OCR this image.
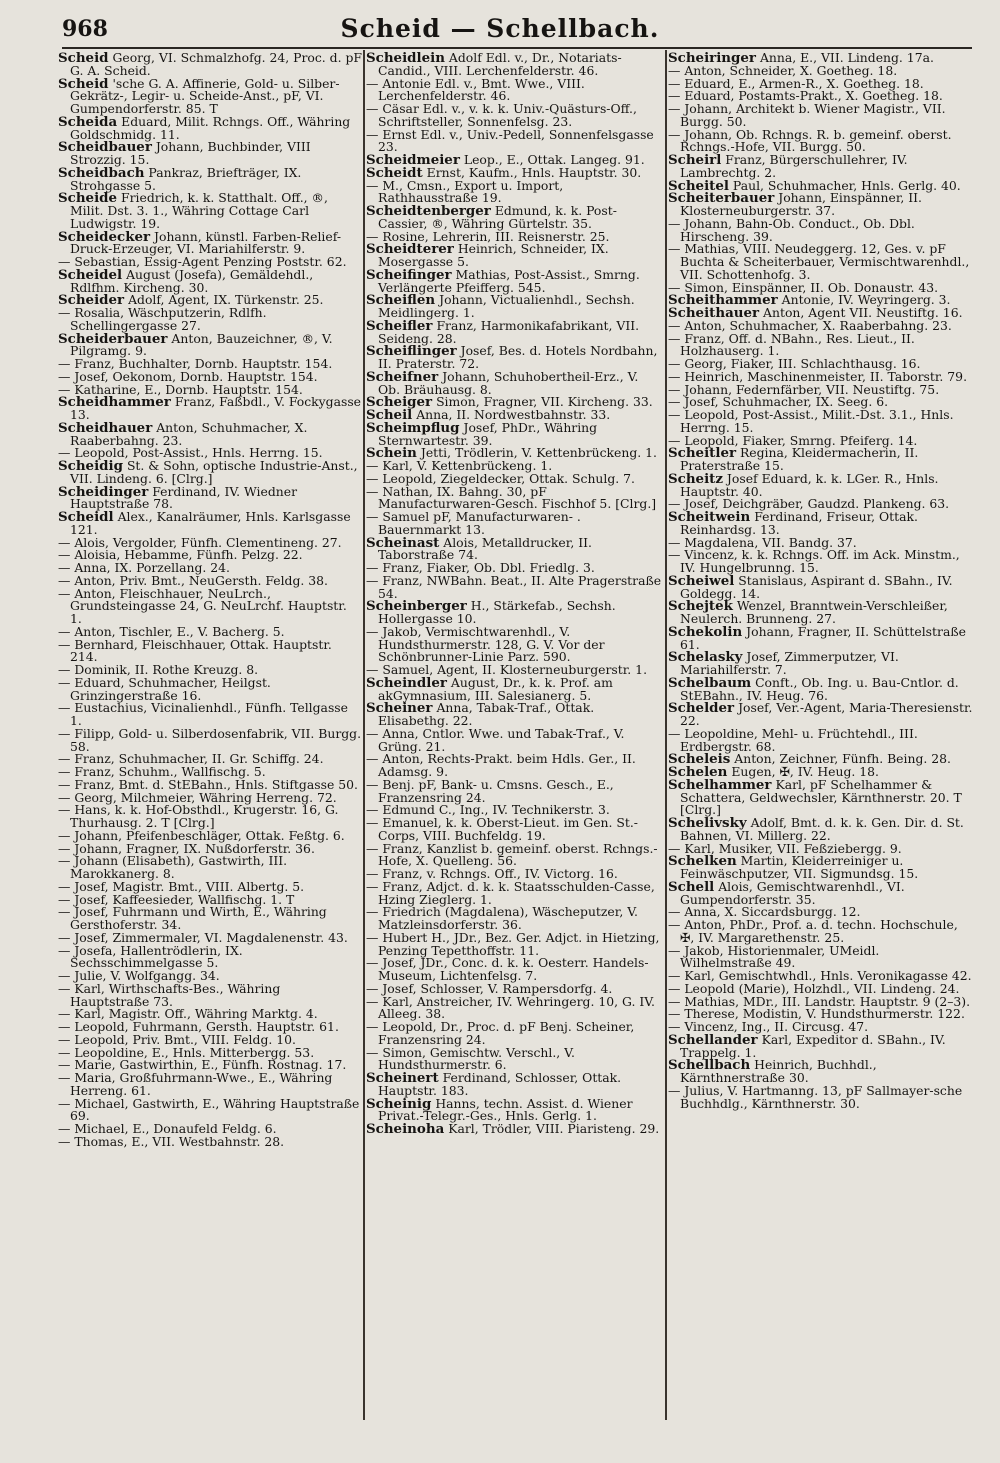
968	Scheid — Schellbach.

Scheid Georg, VI. Schmalzhofg. 24, Proc. d. pF G. A. Scheid.

Scheid 'sche G. A. Affinerie, Gold- u. Silber-Gekrätz-, Legir- u. Scheide-Anst., pF, VI. Gumpendorferstr. 85. T

Scheida Eduard, Milit. Rchngs. Off., Währing Goldschmidg. 11.

Scheidbauer Johann, Buchbinder, VIII Strozzig. 15.

Scheidbach Pankraz, Briefträger, IX. Strohgasse 5.

Scheide Friedrich, k. k. Statthalt. Off., ®, Milit. Dst. 3. 1., Währing Cottage Carl Ludwigstr. 19.

Scheidecker Johann, künstl. Farben-Relief-Druck-Erzeuger, VI. Mariahilferstr. 9.

— Sebastian, Essig-Agent Penzing Poststr. 62.

Scheidel August (Josefa), Gemäldehdl., Rdlfhm. Kircheng. 30.

Scheider Adolf, Agent, IX. Türkenstr. 25.

— Rosalia, Wäschputzerin, Rdlfh. Schellingergasse 27.

Scheiderbauer Anton, Bauzeichner, ®, V. Pilgramg. 9.

— Franz, Buchhalter, Dornb. Hauptstr. 154.

— Josef, Oekonom, Dornb. Hauptstr. 154.

— Katharine, E., Dornb. Hauptstr. 154.

Scheidhammer Franz, Faßbdl., V. Fockygasse 13.

Scheidhauer Anton, Schuhmacher, X. Raaberbahng. 23.

— Leopold, Post-Assist., Hnls. Herrng. 15.

Scheidig St. & Sohn, optische Industrie-Anst., VII. Lindeng. 6. [Clrg.]

Scheidinger Ferdinand, IV. Wiedner Hauptstraße 78.

Scheidl Alex., Kanalräumer, Hnls. Karlsgasse 121.

— Alois, Vergolder, Fünfh. Clementineng. 27.

— Aloisia, Hebamme, Fünfh. Pelzg. 22.

— Anna, IX. Porzellang. 24.

— Anton, Priv. Bmt., NeuGersth. Feldg. 38.

— Anton, Fleischhauer, NeuLrch., Grundsteingasse 24, G. NeuLrchf. Hauptstr. 1.

— Anton, Tischler, E., V. Bacherg. 5.

— Bernhard, Fleischhauer, Ottak. Hauptstr. 214.

— Dominik, II. Rothe Kreuzg. 8.

— Eduard, Schuhmacher, Heilgst. Grinzingerstraße 16.

— Eustachius, Vicinalienhdl., Fünfh. Tellgasse 1.

— Filipp, Gold- u. Silberdosenfabrik, VII. Burgg. 58.

— Franz, Schuhmacher, II. Gr. Schiffg. 24.

— Franz, Schuhm., Wallfischg. 5.

— Franz, Bmt. d. StEBahn., Hnls. Stiftgasse 50.

— Georg, Milchmeier, Währing Herreng. 72.

— Hans, k. k. Hof-Obsthdl., Krugerstr. 16, G. Thurhausg. 2. T [Clrg.]

— Johann, Pfeifenbeschläger, Ottak. Feßtg. 6.

— Johann, Fragner, IX. Nußdorferstr. 36.

— Johann (Elisabeth), Gastwirth, III. Marokkanerg. 8.

— Josef, Magistr. Bmt., VIII. Albertg. 5.

— Josef, Kaffeesieder, Wallfischg. 1. T

— Josef, Fuhrmann und Wirth, E., Währing Gersthoferstr. 34.

— Josef, Zimmermaler, VI. Magdalenenstr. 43.

— Josefa, Hallentrödlerin, IX. Sechsschimmelgasse 5.

— Julie, V. Wolfgangg. 34.

— Karl, Wirthschafts-Bes., Währing Hauptstraße 73.

— Karl, Magistr. Off., Währing Marktg. 4.

— Leopold, Fuhrmann, Gersth. Hauptstr. 61.

— Leopold, Priv. Bmt., VIII. Feldg. 10.

— Leopoldine, E., Hnls. Mitterbergg. 53.

— Marie, Gastwirthin, E., Fünfh. Rostnag. 17.

— Maria, Großfuhrmann-Wwe., E., Währing Herreng. 61.

— Michael, Gastwirth, E., Währing Hauptstraße 69.

— Michael, E., Donaufeld Feldg. 6.

— Thomas, E., VII. Westbahnstr. 28.

Scheidlein Adolf Edl. v., Dr., Notariats-Candid., VIII. Lerchenfelderstr. 46.

— Antonie Edl. v., Bmt. Wwe., VIII. Lerchenfelderstr. 46.

— Cäsar Edl. v., v. k. k. Univ.-Quästurs-Off., Schriftsteller, Sonnenfelsg. 23.

— Ernst Edl. v., Univ.-Pedell, Sonnenfelsgasse 23.

Scheidmeier Leop., E., Ottak. Langeg. 91.

Scheidt Ernst, Kaufm., Hnls. Hauptstr. 30.

— M., Cmsn., Export u. Import, Rathhausstraße 19.

Scheidtenberger Edmund, k. k. Post-Cassier, ®, Währing Gürtelstr. 35.

— Rosine, Lehrerin, III. Reisnerstr. 25.

Scheidterer Heinrich, Schneider, IX. Mosergasse 5.

Scheifinger Mathias, Post-Assist., Smrng. Verlängerte Pfeifferg. 545.

Scheiflen Johann, Victualienhdl., Sechsh. Meidlingerg. 1.

Scheifler Franz, Harmonikafabrikant, VII. Seideng. 28.

Scheiflinger Josef, Bes. d. Hotels Nordbahn, II. Praterstr. 72.

Scheifner Johann, Schuhobertheil-Erz., V. Ob. Bräuhausg. 8.

Scheiger Simon, Fragner, VII. Kircheng. 33.

Scheil Anna, II. Nordwestbahnstr. 33.

Scheimpflug Josef, PhDr., Währing Sternwartestr. 39.

Schein Jetti, Trödlerin, V. Kettenbrückeng. 1.

— Karl, V. Kettenbrückeng. 1.

— Leopold, Ziegeldecker, Ottak. Schulg. 7.

— Nathan, IX. Bahng. 30, pF Manufacturwaren-Gesch. Fischhof 5. [Clrg.]

— Samuel pF, Manufacturwaren- . Bauernmarkt 13.

Scheinast Alois, Metalldrucker, II. Taborstraße 74.

— Franz, Fiaker, Ob. Dbl. Friedlg. 3.

— Franz, NWBahn. Beat., II. Alte Pragerstraße 54.

Scheinberger H., Stärkefab., Sechsh. Hollergasse 10.

— Jakob, Vermischtwarenhdl., V. Hundsthurmerstr. 128, G. V. Vor der Schönbrunner-Linie Parz. 590.

— Samuel, Agent, II. Klosterneuburgerstr. 1.

Scheindler August, Dr., k. k. Prof. am akGymnasium, III. Salesianerg. 5.

Scheiner Anna, Tabak-Traf., Ottak. Elisabethg. 22.

— Anna, Cntlor. Wwe. und Tabak-Traf., V. Grüng. 21.

— Anton, Rechts-Prakt. beim Hdls. Ger., II. Adamsg. 9.

— Benj. pF, Bank- u. Cmsns. Gesch., E., Franzensring 24.

— Edmund C., Ing., IV. Technikerstr. 3.

— Emanuel, k. k. Oberst-Lieut. im Gen. St.-Corps, VIII. Buchfeldg. 19.

— Franz, Kanzlist b. gemeinf. oberst. Rchngs.-Hofe, X. Quelleng. 56.

— Franz, v. Rchngs. Off., IV. Victorg. 16.

— Franz, Adjct. d. k. k. Staatsschulden-Casse, Hzing Zieglerg. 1.

— Friedrich (Magdalena), Wäscheputzer, V. Matzleinsdorferstr. 36.

— Hubert H., JDr., Bez. Ger. Adjct. in Hietzing, Penzing Tepetthoffstr. 11.

— Josef, JDr., Conc. d. k. k. Oesterr. Handels-Museum, Lichtenfelsg. 7.

— Josef, Schlosser, V. Rampersdorfg. 4.

— Karl, Anstreicher, IV. Wehringerg. 10, G. IV. Alleeg. 38.

— Leopold, Dr., Proc. d. pF Benj. Scheiner, Franzensring 24.

— Simon, Gemischtw. Verschl., V. Hundsthurmerstr. 6.

Scheinert Ferdinand, Schlosser, Ottak. Hauptstr. 183.

Scheinig Hanns, techn. Assist. d. Wiener Privat.-Telegr.-Ges., Hnls. Gerlg. 1.

Scheinoha Karl, Trödler, VIII. Piaristeng. 29.

Scheiringer Anna, E., VII. Lindeng. 17a.

— Anton, Schneider, X. Goetheg. 18.

— Eduard, E., Armen-R., X. Goetheg. 18.

— Eduard, Postamts-Prakt., X. Goetheg. 18.

— Johann, Architekt b. Wiener Magistr., VII. Burgg. 50.

— Johann, Ob. Rchngs. R. b. gemeinf. oberst. Rchngs.-Hofe, VII. Burgg. 50.

Scheirl Franz, Bürgerschullehrer, IV. Lambrechtg. 2.

Scheitel Paul, Schuhmacher, Hnls. Gerlg. 40.

Scheiterbauer Johann, Einspänner, II. Klosterneuburgerstr. 37.

— Johann, Bahn-Ob. Conduct., Ob. Dbl. Hirscheng. 39.

— Mathias, VIII. Neudeggerg. 12, Ges. v. pF Buchta & Scheiterbauer, Vermischtwarenhdl., VII. Schottenhofg. 3.

— Simon, Einspänner, II. Ob. Donaustr. 43.

Scheithammer Antonie, IV. Weyringerg. 3.

Scheithauer Anton, Agent VII. Neustiftg. 16.

— Anton, Schuhmacher, X. Raaberbahng. 23.

— Franz, Off. d. NBahn., Res. Lieut., II. Holzhauserg. 1.

— Georg, Fiaker, III. Schlachthausg. 16.

— Heinrich, Maschinenmeister, II. Taborstr. 79.

— Johann, Federnfärber, VII. Neustiftg. 75.

— Josef, Schuhmacher, IX. Seeg. 6.

— Leopold, Post-Assist., Milit.-Dst. 3.1., Hnls. Herrng. 15.

— Leopold, Fiaker, Smrng. Pfeiferg. 14.

Scheitler Regina, Kleidermacherin, II. Praterstraße 15.

Scheitz Josef Eduard, k. k. LGer. R., Hnls. Hauptstr. 40.

— Josef, Deichgräber, Gaudzd. Plankeng. 63.

Scheitwein Ferdinand, Friseur, Ottak. Reinhardsg. 13.

— Magdalena, VII. Bandg. 37.

— Vincenz, k. k. Rchngs. Off. im Ack. Minstm., IV. Hungelbrunng. 15.

Scheiwel Stanislaus, Aspirant d. SBahn., IV. Goldegg. 14.

Schejtek Wenzel, Branntwein-Verschleißer, Neulerch. Brunneng. 27.

Schekolin Johann, Fragner, II. Schüttelstraße 61.

Schelasky Josef, Zimmerputzer, VI. Mariahilferstr. 7.

Schelbaum Conft., Ob. Ing. u. Bau-Cntlor. d. StEBahn., IV. Heug. 76.

Schelder Josef, Ver.-Agent, Maria-Theresienstr. 22.

— Leopoldine, Mehl- u. Früchtehdl., III. Erdbergstr. 68.

Scheleis Anton, Zeichner, Fünfh. Being. 28.

Schelen Eugen, ✠, IV. Heug. 18.

Schelhammer Karl, pF Schelhammer & Schattera, Geldwechsler, Kärnthnerstr. 20. T [Clrg.]

Schelivsky Adolf, Bmt. d. k. k. Gen. Dir. d. St. Bahnen, VI. Millerg. 22.

— Karl, Musiker, VII. Feßziebergg. 9.

Schelken Martin, Kleiderreiniger u. Feinwäschputzer, VII. Sigmundsg. 15.

Schell Alois, Gemischtwarenhdl., VI. Gumpendorferstr. 35.

— Anna, X. Siccardsburgg. 12.

— Anton, PhDr., Prof. a. d. techn. Hochschule, ✠, IV. Margarethenstr. 25.

— Jakob, Historienmaler, UMeidl. Wilhelmstraße 49.

— Karl, Gemischtwhdl., Hnls. Veronikagasse 42.

— Leopold (Marie), Holzhdl., VII. Lindeng. 24.

— Mathias, MDr., III. Landstr. Hauptstr. 9 (2–3).

— Therese, Modistin, V. Hundsthurmerstr. 122.

— Vincenz, Ing., II. Circusg. 47.

Schellander Karl, Expeditor d. SBahn., IV. Trappelg. 1.

Schellbach Heinrich, Buchhdl., Kärnthnerstraße 30.

— Julius, V. Hartmanng. 13, pF Sallmayer-sche Buchhdlg., Kärnthnerstr. 30.
